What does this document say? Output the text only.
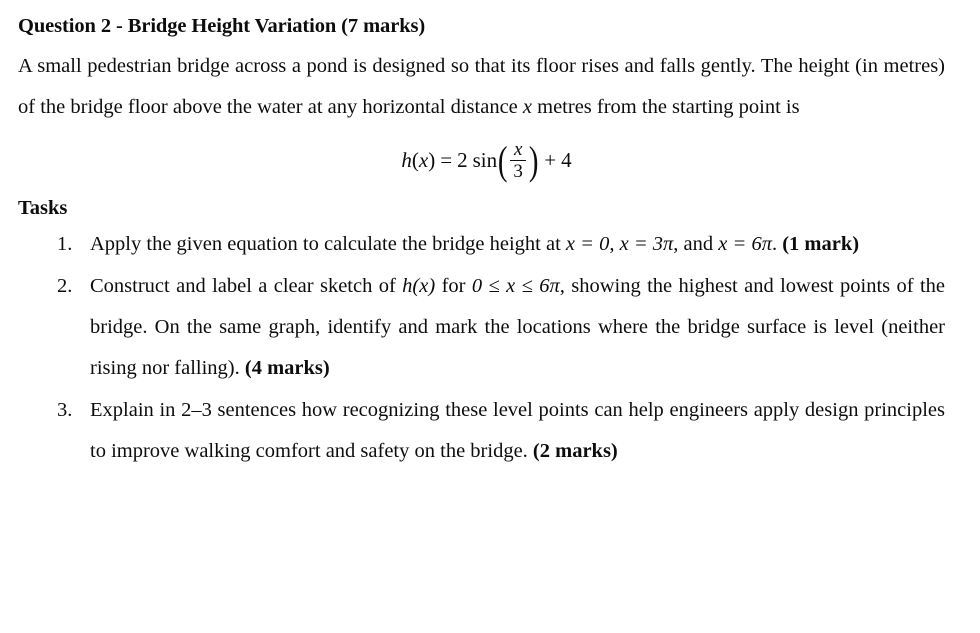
Question 2 - Bridge Height Variation (7 marks)

A small pedestrian bridge across a pond is designed so that its floor rises and falls gently. The height (in metres) of the bridge floor above the water at any horizontal distance x metres from the starting point is

h ( x ) = 2 sin ( $\frac{x}{3}$ ) + 4
Tasks
Apply the given equation to calculate the bridge height at x = 0, x = 3π, and x = 6π. (1 mark)
Construct and label a clear sketch of h(x) for 0 ≤ x ≤ 6π, showing the highest and lowest points of the bridge. On the same graph, identify and mark the locations where the bridge surface is level (neither rising nor falling). (4 marks)
Explain in 2–3 sentences how recognizing these level points can help engineers apply design principles to improve walking comfort and safety on the bridge. (2 marks)
